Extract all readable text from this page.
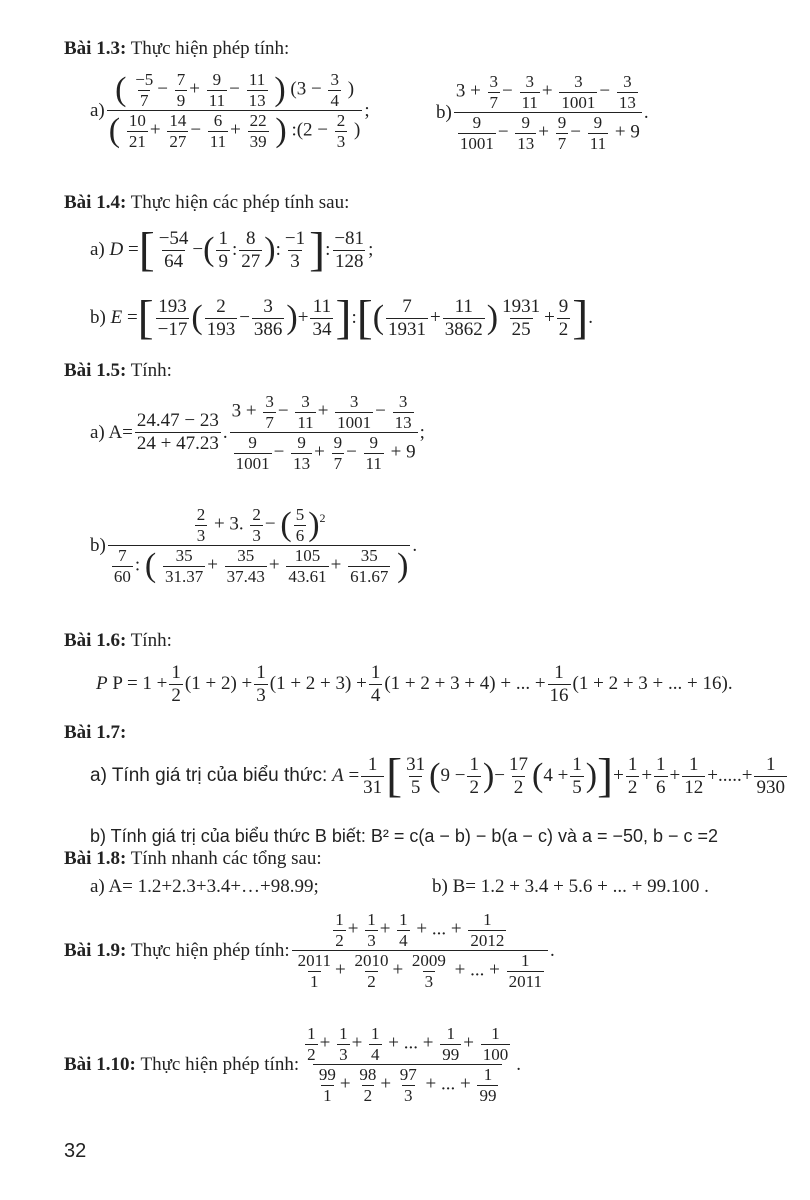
Bài 1.3: Thực hiện phép tính:
a)
( $\frac{-5}{7} - \frac{7}{9} + \frac{9}{11} - \frac{11}{13}$ ) ($3 - \frac{3}{4}$ )
( $\frac{10}{21} + \frac{14}{27} - \frac{6}{11} + \frac{22}{39}$ ) :(2 − $\frac{2}{3}$ )
;	$b) \frac{3 + \frac{3}{7} - \frac{3}{11} + \frac{3}{1001} - \frac{3}{13}}{\frac{9}{1001} - \frac{9}{13} + \frac{9}{7} - \frac{9}{11} + 9}$ .
Bài 1.4: Thực hiện các phép tính sau:
a)
D = [ $\frac{-54}{64}$ − ( $\frac{1}{9}$ : $\frac{8}{27}$ ) : $\frac{-1}{3}$ ] : $\frac{-81}{128}$ ;
b)
E = [ $\frac{193}{-17}$ ( $\frac{2}{193} - \frac{3}{386}$ ) + $\frac{11}{34}$ ] : [ ( $\frac{7}{1931} + \frac{11}{3862}$ ) $\frac{1931}{25} + \frac{9}{2}$ ] .
Bài 1.5: Tính:
a) $A= \frac{24.47 - 23}{24 + 47.23}$ . $\frac{3 + \frac{3}{7} - \frac{3}{11} + \frac{3}{1001} - \frac{3}{13}}{\frac{9}{1001} - \frac{9}{13} + \frac{9}{7} - \frac{9}{11} + 9}$ ;
b)	$\frac{2}{3} + 3$. $\frac{2}{3}$ − ( $\frac{5}{6} )^2$
$\frac{7}{60}$ : ( $\frac{35}{31.37} + \frac{35}{37.43} + \frac{105}{43.61} + \frac{35}{61.67}$ )
.
Bài 1.6: Tính:
P
$P = 1 + \frac{1}{2} (1 + 2) + \frac{1}{3} (1 + 2 + 3) + \frac{1}{4} (1 + 2 + 3 + 4)$ + ... + $\frac{1}{16} (1 + 2 + 3$ + ... + 16).
Bài 1.7:
a) Tính giá trị của biểu thức:
$A = \frac{1}{31}$ [ $\frac{31}{5}$ ( $9 - \frac{1}{2}$ ) − $\frac{17}{2}$ ( $4 + \frac{1}{5}$ ) ] + $\frac{1}{2} + \frac{1}{6} + \frac{1}{12}$ +.....+ $\frac{1}{930}$
b) Tính giá trị của biểu thức B biết: B² = c(a − b) − b(a − c) và a = −50, b − c =2
Bài 1.8: Tính nhanh các tổng sau:
a) A= 1.2+2.3+3.4+…+98.99;	b) B= 1.2 + 3.4 + 5.6 + ... + 99.100 .
Bài 1.9:
Thực hiện phép tính:	$\frac{1}{2} + \frac{1}{3} + \frac{1}{4}$ + ... + $\frac{1}{2012}$
$\frac{2011}{1} + \frac{2010}{2} + \frac{2009}{3}$ + ... + $\frac{1}{2011}$
.
Bài 1.10:
Thực hiện phép tính: $\frac{1}{2} + \frac{1}{3} + \frac{1}{4}$ + ... + $\frac{1}{99} + \frac{1}{100}$
$\frac{99}{1} + \frac{98}{2} + \frac{97}{3}$ + ... + $\frac{1}{99}$
.
32
